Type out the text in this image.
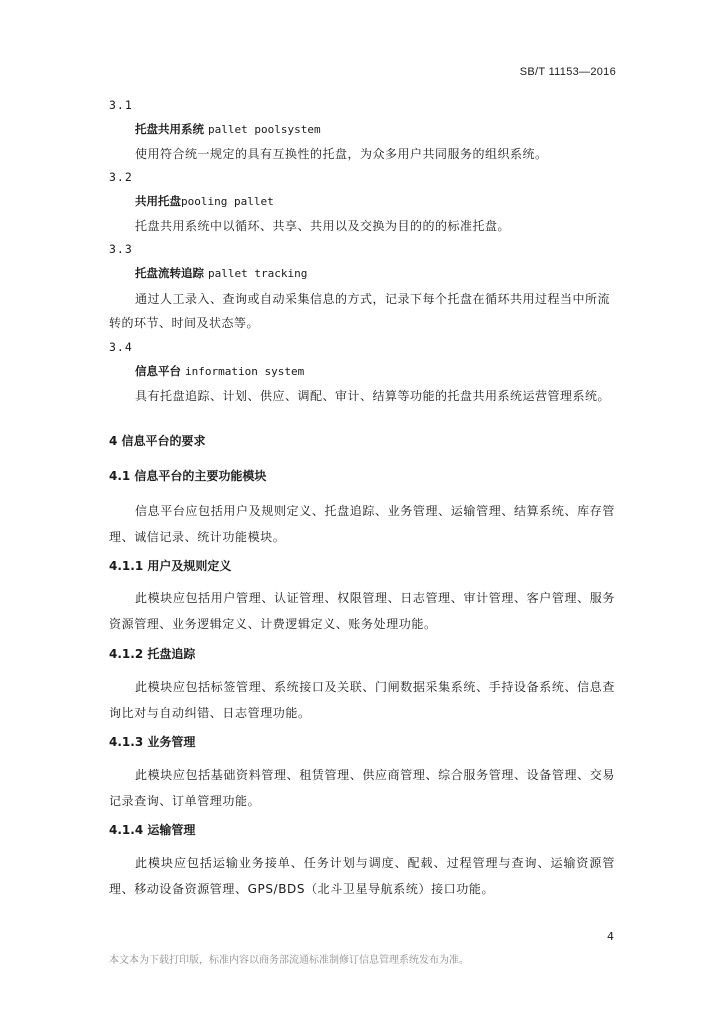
SB/T 11153—2016
3.1
托盘共用系统 pallet poolsystem
使用符合统一规定的具有互换性的托盘，为众多用户共同服务的组织系统。
3.2
共用托盘pooling pallet
托盘共用系统中以循环、共享、共用以及交换为目的的的标准托盘。
3.3
托盘流转追踪 pallet tracking
通过人工录入、查询或自动采集信息的方式，记录下每个托盘在循环共用过程当中所流
转的环节、时间及状态等。
3.4
信息平台 information system
具有托盘追踪、计划、供应、调配、审计、结算等功能的托盘共用系统运营管理系统。
4 信息平台的要求
4.1 信息平台的主要功能模块
信息平台应包括用户及规则定义、托盘追踪、业务管理、运输管理、结算系统、库存管理、诚信记录、统计功能模块。
4.1.1 用户及规则定义
此模块应包括用户管理、认证管理、权限管理、日志管理、审计管理、客户管理、服务资源管理、业务逻辑定义、计费逻辑定义、账务处理功能。
4.1.2 托盘追踪
此模块应包括标签管理、系统接口及关联、门闸数据采集系统、手持设备系统、信息查询比对与自动纠错、日志管理功能。
4.1.3 业务管理
此模块应包括基础资料管理、租赁管理、供应商管理、综合服务管理、设备管理、交易记录查询、订单管理功能。
4.1.4 运输管理
此模块应包括运输业务接单、任务计划与调度、配载、过程管理与查询、运输资源管理、移动设备资源管理、GPS/BDS（北斗卫星导航系统）接口功能。
4
本文本为下载打印版，标准内容以商务部流通标准制修订信息管理系统发布为准。
